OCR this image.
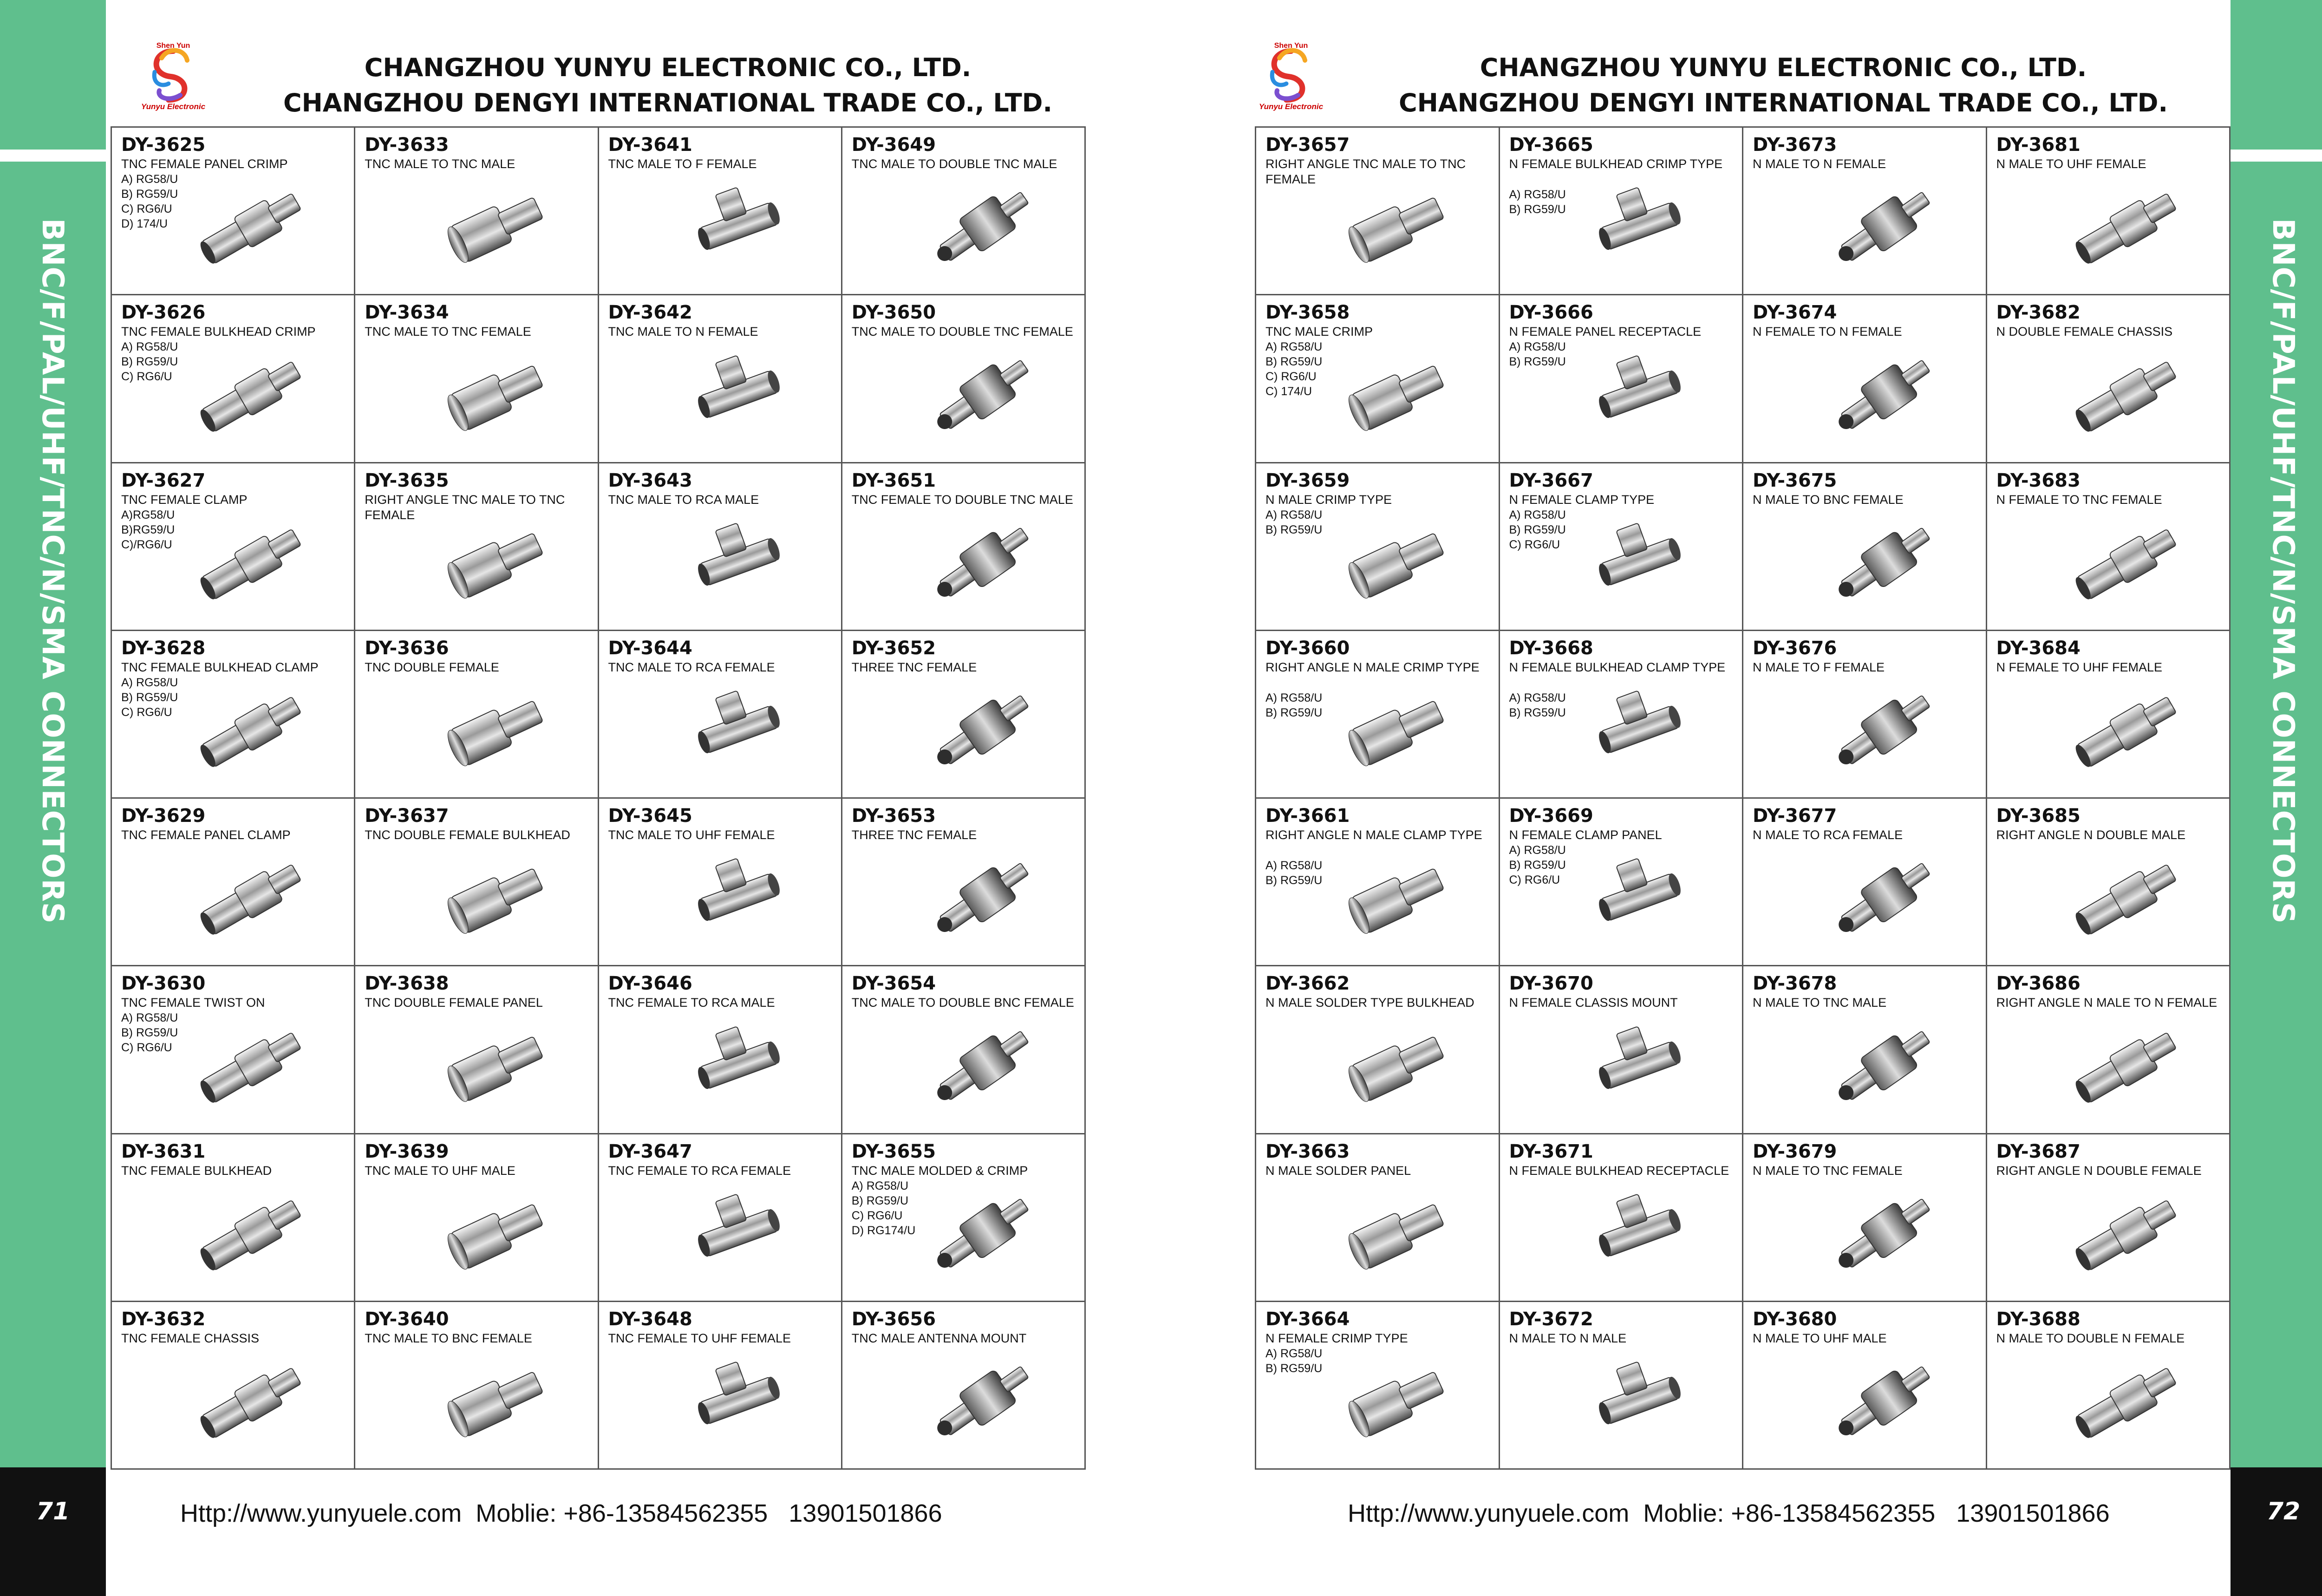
BNC/F/PAL/UHF/TNC/N/SMA CONNECTORS
71
BNC/F/PAL/UHF/TNC/N/SMA CONNECTORS
72
Shen Yun
Yunyu Electronic
CHANGZHOU YUNYU ELECTRONIC CO., LTD.
CHANGZHOU DENGYI INTERNATIONAL TRADE CO., LTD.
DY-3625
TNC FEMALE PANEL CRIMP
A) RG58/U
B) RG59/U
C) RG6/U
D) 174/U
DY-3633
TNC MALE TO TNC MALE
DY-3641
TNC MALE TO F FEMALE
DY-3649
TNC MALE TO DOUBLE TNC MALE
DY-3626
TNC FEMALE BULKHEAD CRIMP
A) RG58/U
B) RG59/U
C) RG6/U
DY-3634
TNC MALE TO TNC FEMALE
DY-3642
TNC MALE TO N FEMALE
DY-3650
TNC MALE TO DOUBLE TNC FEMALE
DY-3627
TNC FEMALE CLAMP
A)RG58/U
B)RG59/U
C)/RG6/U
DY-3635
RIGHT ANGLE TNC MALE TO TNC FEMALE
DY-3643
TNC MALE TO RCA MALE
DY-3651
TNC FEMALE TO DOUBLE TNC MALE
DY-3628
TNC FEMALE BULKHEAD CLAMP
A) RG58/U
B) RG59/U
C) RG6/U
DY-3636
TNC DOUBLE FEMALE
DY-3644
TNC MALE TO RCA FEMALE
DY-3652
THREE TNC FEMALE
DY-3629
TNC FEMALE PANEL CLAMP
DY-3637
TNC DOUBLE FEMALE BULKHEAD
DY-3645
TNC MALE TO UHF FEMALE
DY-3653
THREE TNC FEMALE
DY-3630
TNC FEMALE TWIST ON
A) RG58/U
B) RG59/U
C) RG6/U
DY-3638
TNC DOUBLE FEMALE PANEL
DY-3646
TNC FEMALE TO RCA MALE
DY-3654
TNC MALE TO DOUBLE BNC FEMALE
DY-3631
TNC FEMALE BULKHEAD
DY-3639
TNC MALE TO UHF MALE
DY-3647
TNC FEMALE TO RCA FEMALE
DY-3655
TNC MALE MOLDED & CRIMP
A) RG58/U
B) RG59/U
C) RG6/U
D) RG174/U
DY-3632
TNC FEMALE CHASSIS
DY-3640
TNC MALE TO BNC FEMALE
DY-3648
TNC FEMALE TO UHF FEMALE
DY-3656
TNC MALE ANTENNA MOUNT
Http://www.yunyuele.com  Moblie: +86-13584562355   13901501866
Shen Yun
Yunyu Electronic
CHANGZHOU YUNYU ELECTRONIC CO., LTD.
CHANGZHOU DENGYI INTERNATIONAL TRADE CO., LTD.
DY-3657
RIGHT ANGLE TNC MALE TO TNC FEMALE
DY-3665
N FEMALE BULKHEAD CRIMP TYPE
A) RG58/U
B) RG59/U
DY-3673
N MALE TO N FEMALE
DY-3681
N MALE TO UHF FEMALE
DY-3658
TNC MALE CRIMP
A) RG58/U
B) RG59/U
C) RG6/U
C) 174/U
DY-3666
N FEMALE PANEL RECEPTACLE
A) RG58/U
B) RG59/U
DY-3674
N FEMALE TO N FEMALE
DY-3682
N DOUBLE FEMALE CHASSIS
DY-3659
N MALE CRIMP TYPE
A) RG58/U
B) RG59/U
DY-3667
N FEMALE CLAMP TYPE
A) RG58/U
B) RG59/U
C) RG6/U
DY-3675
N MALE TO BNC FEMALE
DY-3683
N FEMALE TO TNC FEMALE
DY-3660
RIGHT ANGLE N MALE CRIMP TYPE
A) RG58/U
B) RG59/U
DY-3668
N FEMALE BULKHEAD CLAMP TYPE
A) RG58/U
B) RG59/U
DY-3676
N MALE TO F FEMALE
DY-3684
N FEMALE TO UHF FEMALE
DY-3661
RIGHT ANGLE N MALE CLAMP TYPE
A) RG58/U
B) RG59/U
DY-3669
N FEMALE CLAMP PANEL
A) RG58/U
B) RG59/U
C) RG6/U
DY-3677
N MALE TO RCA FEMALE
DY-3685
RIGHT ANGLE N DOUBLE MALE
DY-3662
N MALE SOLDER TYPE BULKHEAD
DY-3670
N FEMALE CLASSIS MOUNT
DY-3678
N MALE TO TNC MALE
DY-3686
RIGHT ANGLE N MALE TO N FEMALE
DY-3663
N MALE SOLDER PANEL
DY-3671
N FEMALE BULKHEAD RECEPTACLE
DY-3679
N MALE TO TNC FEMALE
DY-3687
RIGHT ANGLE N DOUBLE FEMALE
DY-3664
N FEMALE CRIMP TYPE
A) RG58/U
B) RG59/U
DY-3672
N MALE TO N MALE
DY-3680
N MALE TO UHF MALE
DY-3688
N MALE TO DOUBLE N FEMALE
Http://www.yunyuele.com  Moblie: +86-13584562355   13901501866
